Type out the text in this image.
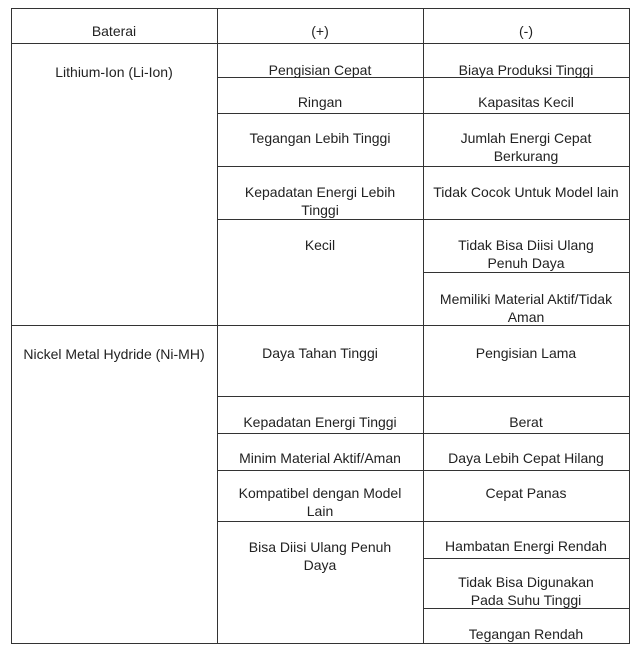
Baterai	(+)	(-)
Lithium-Ion (Li-Ion)
Nickel Metal Hydride (Ni-MH)
Pengisian Cepat
Ringan
Tegangan Lebih Tinggi
Kepadatan Energi Lebih Tinggi
Kecil
Biaya Produksi Tinggi
Kapasitas Kecil
Jumlah Energi Cepat Berkurang
Tidak Cocok Untuk Model lain
Tidak Bisa Diisi Ulang Penuh Daya
Memiliki Material Aktif/Tidak Aman
Daya Tahan Tinggi
Kepadatan Energi Tinggi
Minim Material Aktif/Aman
Kompatibel dengan Model Lain
Bisa Diisi Ulang Penuh Daya
Pengisian Lama
Berat
Daya Lebih Cepat Hilang
Cepat Panas
Hambatan Energi Rendah
Tidak Bisa Digunakan Pada Suhu Tinggi
Tegangan Rendah
